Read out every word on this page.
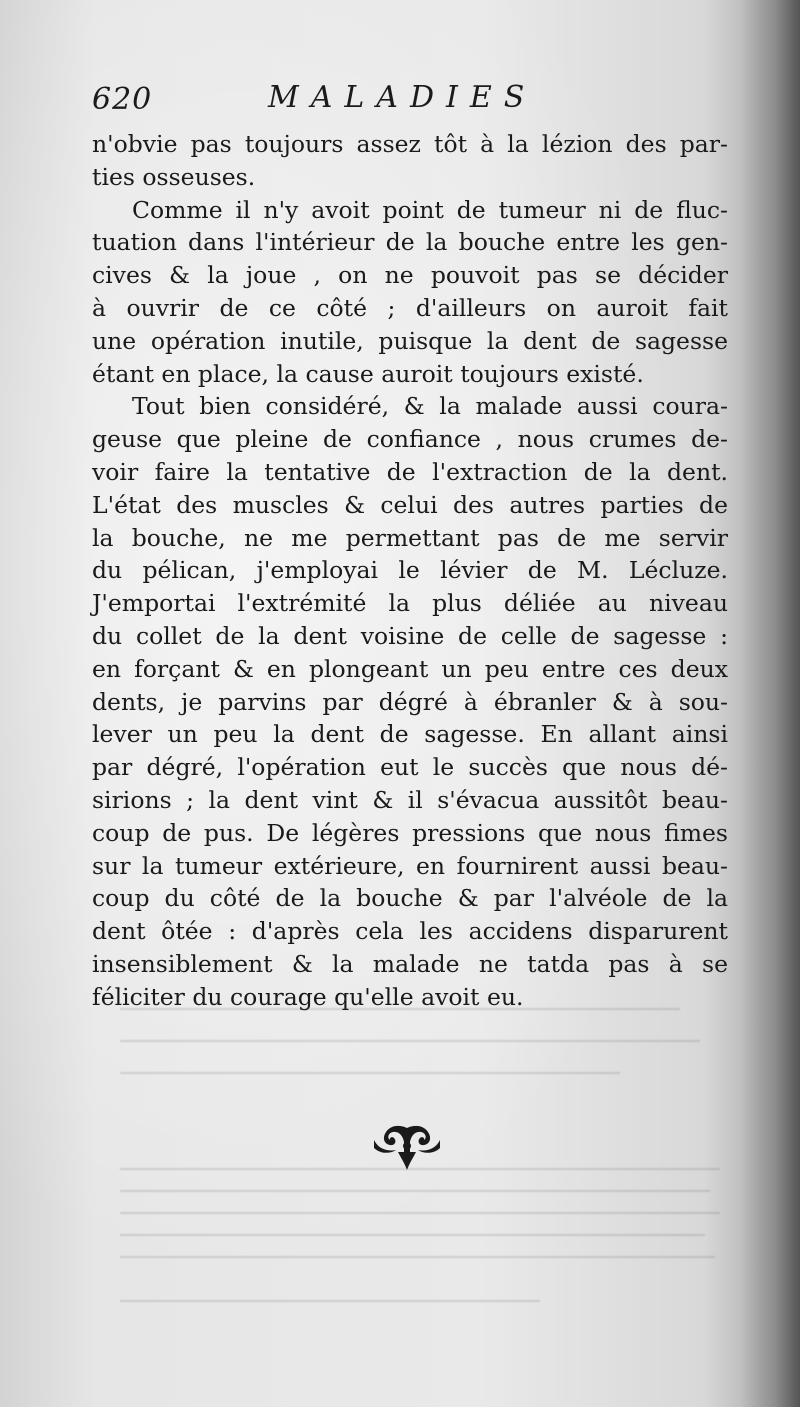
620	MALADIES
n'obvie pas toujours assez tôt à la lézion des par-
ties osseuses.
Comme il n'y avoit point de tumeur ni de fluc-
tuation dans l'intérieur de la bouche entre les gen-
cives & la joue , on ne pouvoit pas se décider
à ouvrir de ce côté ; d'ailleurs on auroit fait
une opération inutile, puisque la dent de sagesse
étant en place, la cause auroit toujours existé.
Tout bien considéré, & la malade aussi coura-
geuse que pleine de confiance , nous crumes de-
voir faire la tentative de l'extraction de la dent.
L'état des muscles & celui des autres parties de
la bouche, ne me permettant pas de me servir
du pélican, j'employai le lévier de M. Lécluze.
J'emportai l'extrémité la plus déliée au niveau
du collet de la dent voisine de celle de sagesse :
en forçant & en plongeant un peu entre ces deux
dents, je parvins par dégré à ébranler & à sou-
lever un peu la dent de sagesse. En allant ainsi
par dégré, l'opération eut le succès que nous dé-
sirions ; la dent vint & il s'évacua aussitôt beau-
coup de pus. De légères pressions que nous fimes
sur la tumeur extérieure, en fournirent aussi beau-
coup du côté de la bouche & par l'alvéole de la
dent ôtée : d'après cela les accidens disparurent
insensiblement & la malade ne tatda pas à se
féliciter du courage qu'elle avoit eu.
